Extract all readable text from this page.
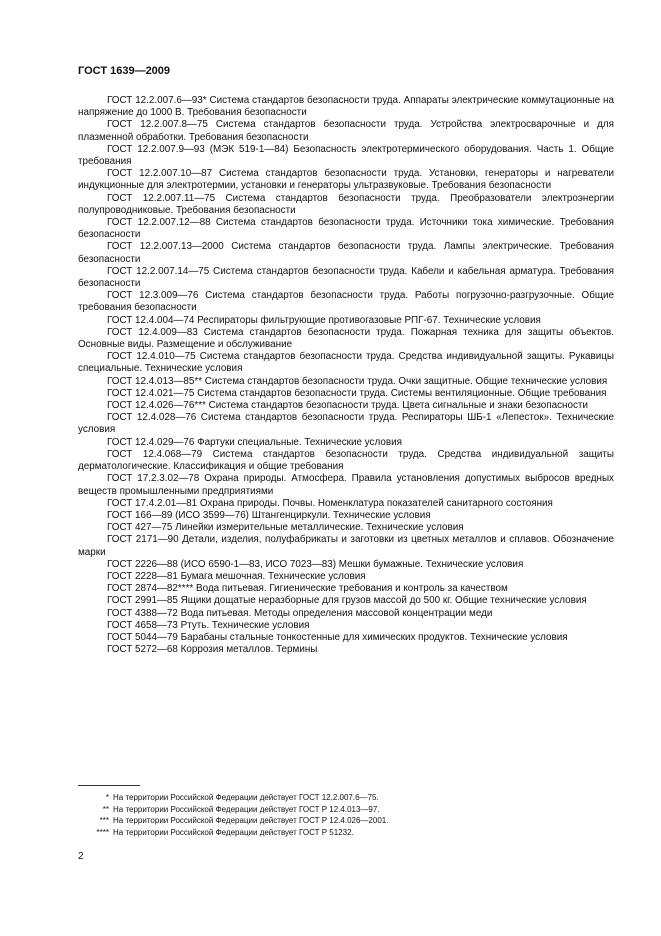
ГОСТ 1639—2009

ГОСТ 12.2.007.6—93* Система стандартов безопасности труда. Аппараты электрические коммутационные на напряжение до 1000 В. Требования безопасности

ГОСТ 12.2.007.8—75 Система стандартов безопасности труда. Устройства электросварочные и для плазменной обработки. Требования безопасности

ГОСТ 12.2.007.9—93 (МЭК 519-1—84) Безопасность электротермического оборудования. Часть 1. Общие требования

ГОСТ 12.2.007.10—87 Система стандартов безопасности труда. Установки, генераторы и нагреватели индукционные для электротермии, установки и генераторы ультразвуковые. Требования безопасности

ГОСТ 12.2.007.11—75 Система стандартов безопасности труда. Преобразователи электроэнергии полупроводниковые. Требования безопасности

ГОСТ 12.2.007.12—88 Система стандартов безопасности труда. Источники тока химические. Требования безопасности

ГОСТ 12.2.007.13—2000 Система стандартов безопасности труда. Лампы электрические. Требования безопасности

ГОСТ 12.2.007.14—75 Система стандартов безопасности труда. Кабели и кабельная арматура. Требования безопасности

ГОСТ 12.3.009—76 Система стандартов безопасности труда. Работы погрузочно-разгрузочные. Общие требования безопасности

ГОСТ 12.4.004—74 Респираторы фильтрующие противогазовые РПГ-67. Технические условия

ГОСТ 12.4.009—83 Система стандартов безопасности труда. Пожарная техника для защиты объектов. Основные виды. Размещение и обслуживание

ГОСТ 12.4.010—75 Система стандартов безопасности труда. Средства индивидуальной защиты. Рукавицы специальные. Технические условия

ГОСТ 12.4.013—85** Система стандартов безопасности труда. Очки защитные. Общие технические условия

ГОСТ 12.4.021—75 Система стандартов безопасности труда. Системы вентиляционные. Общие требования

ГОСТ 12.4.026—76*** Система стандартов безопасности труда. Цвета сигнальные и знаки безопасности

ГОСТ 12.4.028—76 Система стандартов безопасности труда. Респираторы ШБ-1 «Лепесток». Технические условия

ГОСТ 12.4.029—76 Фартуки специальные. Технические условия

ГОСТ 12.4.068—79 Система стандартов безопасности труда. Средства индивидуальной защиты дерматологические. Классификация и общие требования

ГОСТ 17.2.3.02—78 Охрана природы. Атмосфера. Правила установления допустимых выбросов вредных веществ промышленными предприятиями

ГОСТ 17.4.2.01—81 Охрана природы. Почвы. Номенклатура показателей санитарного состояния

ГОСТ 166—89 (ИСО 3599—76) Штангенциркули. Технические условия

ГОСТ 427—75 Линейки измерительные металлические. Технические условия

ГОСТ 2171—90 Детали, изделия, полуфабрикаты и заготовки из цветных металлов и сплавов. Обозначение марки

ГОСТ 2226—88 (ИСО 6590-1—83, ИСО 7023—83) Мешки бумажные. Технические условия

ГОСТ 2228—81 Бумага мешочная. Технические условия

ГОСТ 2874—82**** Вода питьевая. Гигиенические требования и контроль за качеством

ГОСТ 2991—85 Ящики дощатые неразборные для грузов массой до 500 кг. Общие технические условия

ГОСТ 4388—72 Вода питьевая. Методы определения массовой концентрации меди

ГОСТ 4658—73 Ртуть. Технические условия

ГОСТ 5044—79 Барабаны стальные тонкостенные для химических продуктов. Технические условия

ГОСТ 5272—68 Коррозия металлов. Термины

* На территории Российской Федерации действует ГОСТ 12.2.007.6—75.
** На территории Российской Федерации действует ГОСТ Р 12.4.013—97.
*** На территории Российской Федерации действует ГОСТ Р 12.4.026—2001.
**** На территории Российской Федерации действует ГОСТ Р 51232.
2
